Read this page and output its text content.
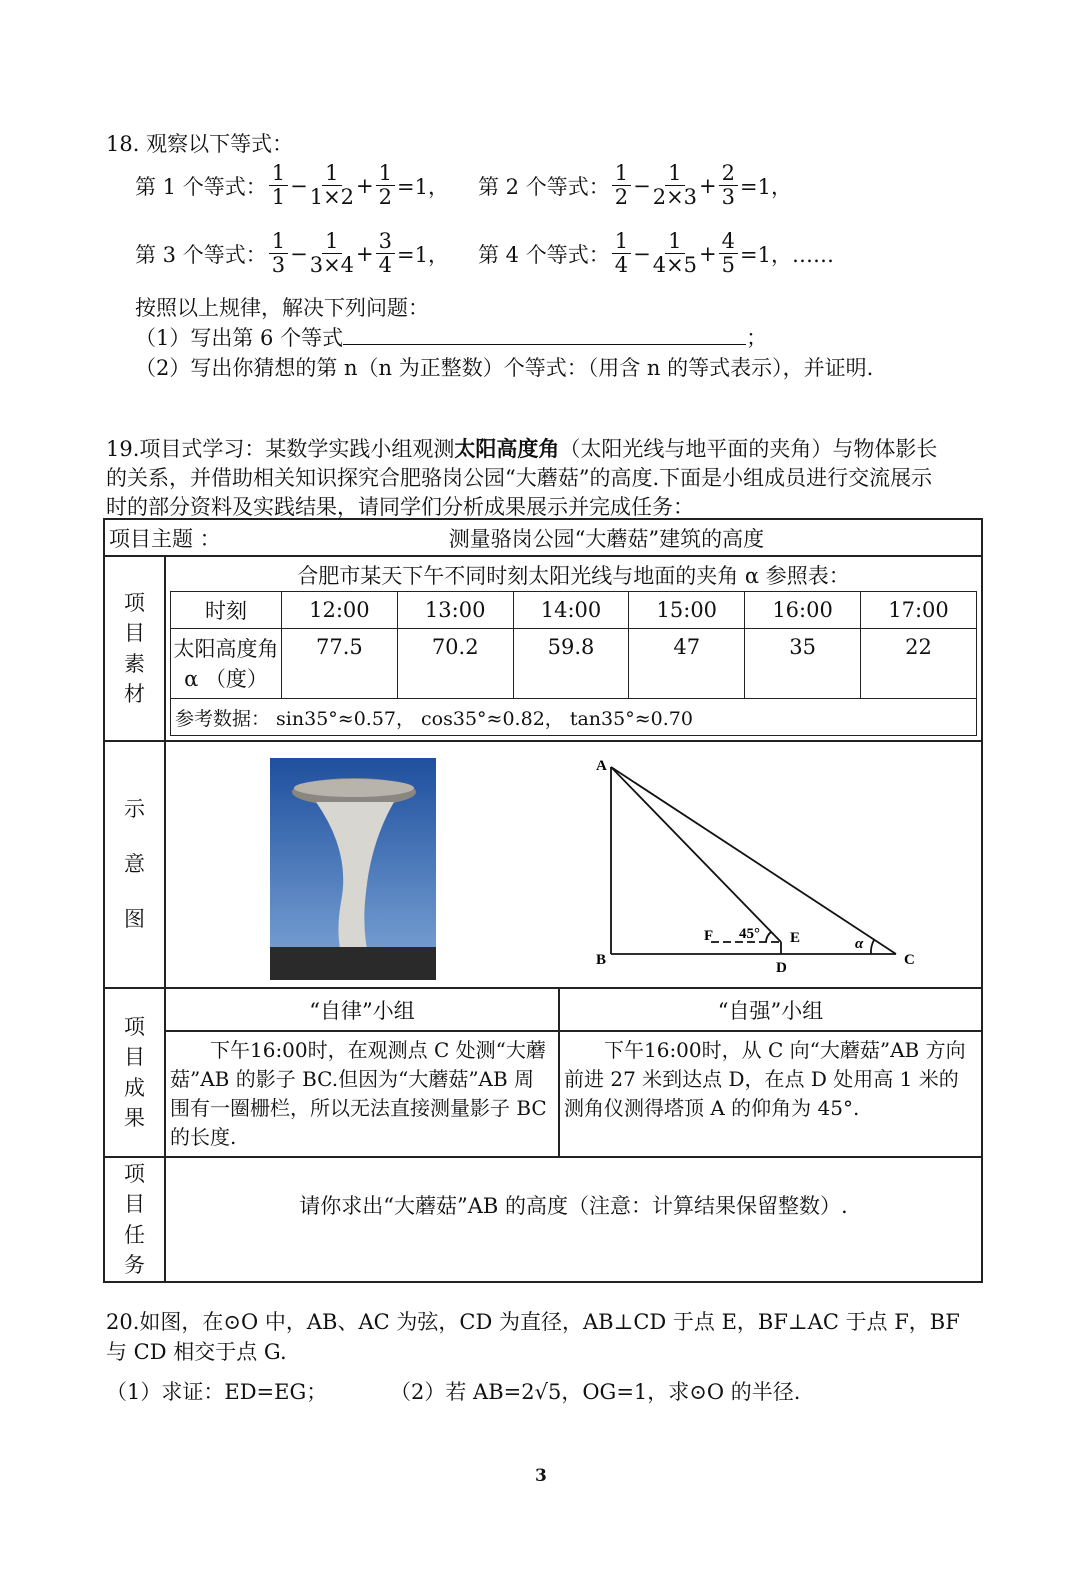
18. 观察以下等式：
第 1 个等式： $\frac{1}{1} - \frac{1}{1\times 2} + \frac{1}{2} =1$， 第 2 个等式： $\frac{1}{2} - \frac{1}{2\times 3} + \frac{2}{3} =1$，
第 3 个等式： $\frac{1}{3} - \frac{1}{3\times 4} + \frac{3}{4} =1$， 第 4 个等式： $\frac{1}{4} - \frac{1}{4\times 5} + \frac{4}{5} =1$，……
按照以上规律，解决下列问题：
（1）写出第 6 个等式	；
（2）写出你猜想的第 n（n 为正整数）个等式：（用含 n 的等式表示），并证明.
19.项目式学习：某数学实践小组观测太阳高度角（太阳光线与地平面的夹角）与物体影长
的关系，并借助相关知识探究合肥骆岗公园“大蘑菇”的高度.下面是小组成员进行交流展示
时的部分资料及实践结果，请同学们分析成果展示并完成任务：
项目主题 ：	测量骆岗公园“大蘑菇”建筑的高度

项目素材

合肥市某天下午不同时刻太阳光线与地面的夹角 α 参照表：
时刻	12:00	13:00	14:00	15:00	16:00	17:00
太阳高度角α （度）	77.5	70.2	59.8	47	35	22
参考数据： sin35°≈0.57， cos35°≈0.82， tan35°≈0.70

示意图

A
B	C
D
E
F 45°
α

项目成果
	“自律”小组	“自强”小组

下午16:00时，在观测点 C 处测“大蘑菇”AB 的影子 BC.但因为“大蘑菇”AB 周围有一圈栅栏，所以无法直接测量影子 BC 的长度.

下午16:00时，从 C 向“大蘑菇”AB 方向前进 27 米到达点 D，在点 D 处用高 1 米的测角仪测得塔顶 A 的仰角为 45°.

项目任务
	请你求出“大蘑菇”AB 的高度（注意：计算结果保留整数）.
20.如图，在⊙O 中，AB、AC 为弦，CD 为直径，AB⊥CD 于点 E，BF⊥AC 于点 F，BF
与 CD 相交于点 G.
（1）求证：ED=EG；	（2）若 AB=2√5，OG=1，求⊙O 的半径.
3
